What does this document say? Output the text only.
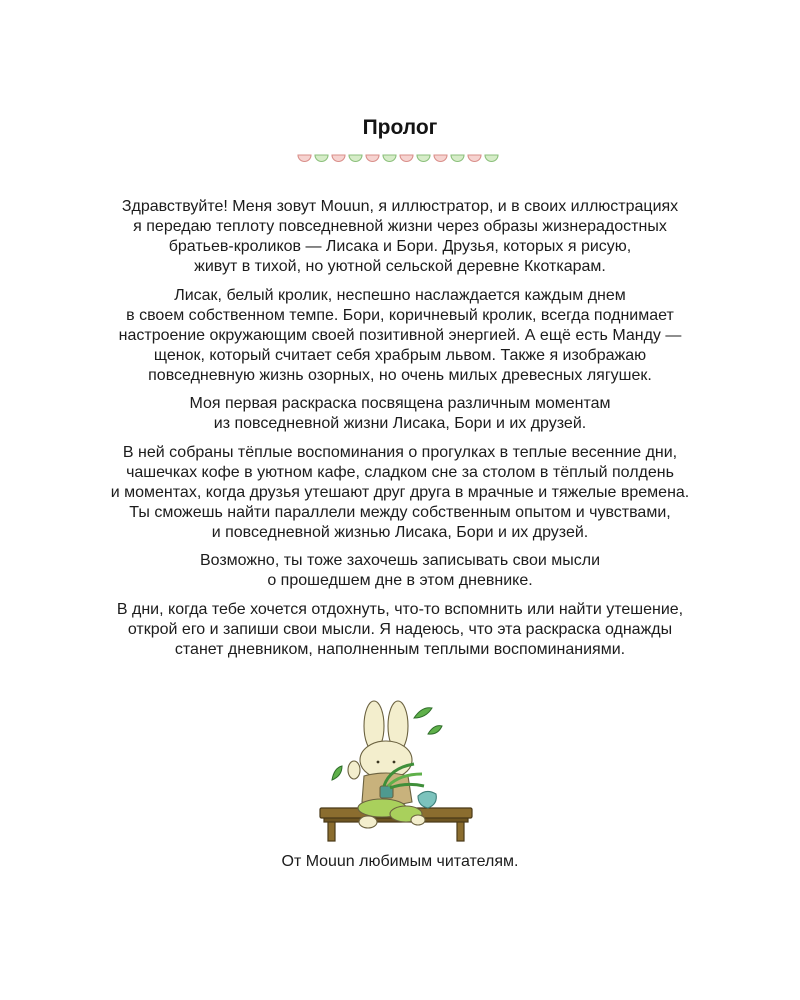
Пролог
Здравствуйте! Меня зовут Mouun, я иллюстратор, и в своих иллюстрациях
я передаю теплоту повседневной жизни через образы жизнерадостных
братьев-кроликов — Лисака и Бори. Друзья, которых я рисую,
живут в тихой, но уютной сельской деревне Ккоткарам.
Лисак, белый кролик, неспешно наслаждается каждым днем
в своем собственном темпе. Бори, коричневый кролик, всегда поднимает
настроение окружающим своей позитивной энергией. А ещё есть Манду —
щенок, который считает себя храбрым львом. Также я изображаю
повседневную жизнь озорных, но очень милых древесных лягушек.
Моя первая раскраска посвящена различным моментам
из повседневной жизни Лисака, Бори и их друзей.
В ней собраны тёплые воспоминания о прогулках в теплые весенние дни,
чашечках кофе в уютном кафе, сладком сне за столом в тёплый полдень
и моментах, когда друзья утешают друг друга в мрачные и тяжелые времена.
Ты сможешь найти параллели между собственным опытом и чувствами,
и повседневной жизнью Лисака, Бори и их друзей.
Возможно, ты тоже захочешь записывать свои мысли
о прошедшем дне в этом дневнике.
В дни, когда тебе хочется отдохнуть, что-то вспомнить или найти утешение,
открой его и запиши свои мысли. Я надеюсь, что эта раскраска однажды
станет дневником, наполненным теплыми воспоминаниями.
От Mouun любимым читателям.
